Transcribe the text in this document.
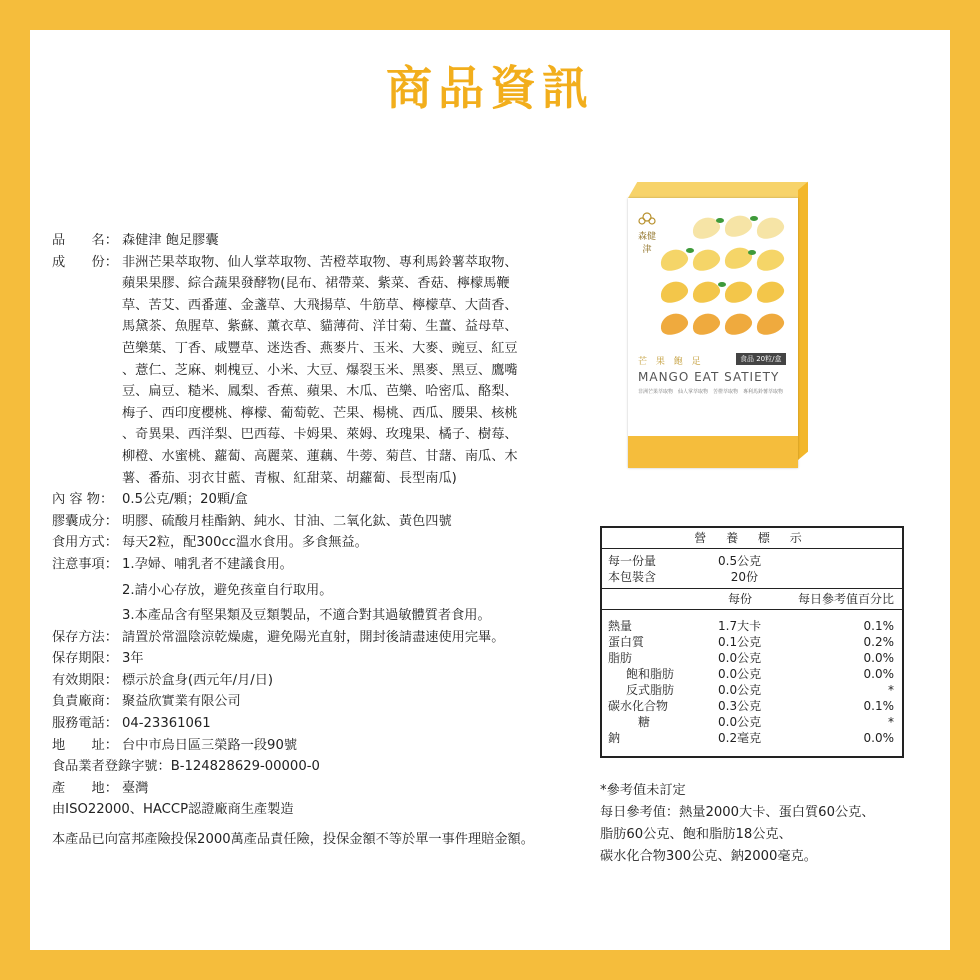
商品資訊
品　　名： 森健津 飽足膠囊
成　　份： 非洲芒果萃取物、仙人掌萃取物、苦橙萃取物、專利馬鈴薯萃取物、
蘋果果膠、綜合蔬果發酵物(昆布、裙帶菜、紫菜、香菇、檸檬馬鞭
草、苦艾、西番蓮、金盞草、大飛揚草、牛筋草、檸檬草、大茴香、
馬黛茶、魚腥草、紫蘇、薰衣草、貓薄荷、洋甘菊、生薑、益母草、
芭樂葉、丁香、咸豐草、迷迭香、燕麥片、玉米、大麥、豌豆、紅豆
、薏仁、芝麻、刺槐豆、小米、大豆、爆裂玉米、黑麥、黑豆、鷹嘴
豆、扁豆、糙米、鳳梨、香蕉、蘋果、木瓜、芭樂、哈密瓜、酪梨、
梅子、西印度櫻桃、檸檬、葡萄乾、芒果、楊桃、西瓜、腰果、核桃
、奇異果、西洋梨、巴西莓、卡姆果、萊姆、玫瑰果、橘子、樹莓、
柳橙、水蜜桃、蘿蔔、高麗菜、蓮藕、牛蒡、菊苣、甘藷、南瓜、木
薯、番茄、羽衣甘藍、青椒、紅甜菜、胡蘿蔔、長型南瓜)
內 容 物： 0.5公克/顆；20顆/盒
膠囊成分： 明膠、硫酸月桂酯鈉、純水、甘油、二氧化鈦、黃色四號
食用方式： 每天2粒，配300cc溫水食用。多食無益。
注意事項： 1.孕婦、哺乳者不建議食用。
2.請小心存放，避免孩童自行取用。
3.本產品含有堅果類及豆類製品，不適合對其過敏體質者食用。
保存方法： 請置於常溫陰涼乾燥處，避免陽光直射，開封後請盡速使用完畢。
保存期限： 3年
有效期限： 標示於盒身(西元年/月/日)
負責廠商： 聚益欣實業有限公司
服務電話： 04-23361061
地　　址： 台中市烏日區三榮路一段90號
食品業者登錄字號： B-124828629-00000-0
產　　地： 臺灣
由ISO22000、HACCP認證廠商生產製造
本產品已向富邦產險投保2000萬產品責任險，投保金額不等於單一事件理賠金額。
森健津
芒 果 飽 足	食品 20粒/盒
MANGO EAT SATIETY
非洲芒果萃取物　仙人掌萃取物　苦橙萃取物　專利馬鈴薯萃取物
營 養 標 示
每一份量	0.5公克
本包裝含	20份
每份	每日參考值百分比
熱量	1.7大卡	0.1%
蛋白質	0.1公克	0.2%
脂肪	0.0公克	0.0%
飽和脂肪	0.0公克	0.0%
反式脂肪	0.0公克	*
碳水化合物	0.3公克	0.1%
糖	0.0公克	*
鈉	0.2毫克	0.0%
*參考值未訂定
每日參考值：熱量2000大卡、蛋白質60公克、
脂肪60公克、飽和脂肪18公克、
碳水化合物300公克、鈉2000毫克。
